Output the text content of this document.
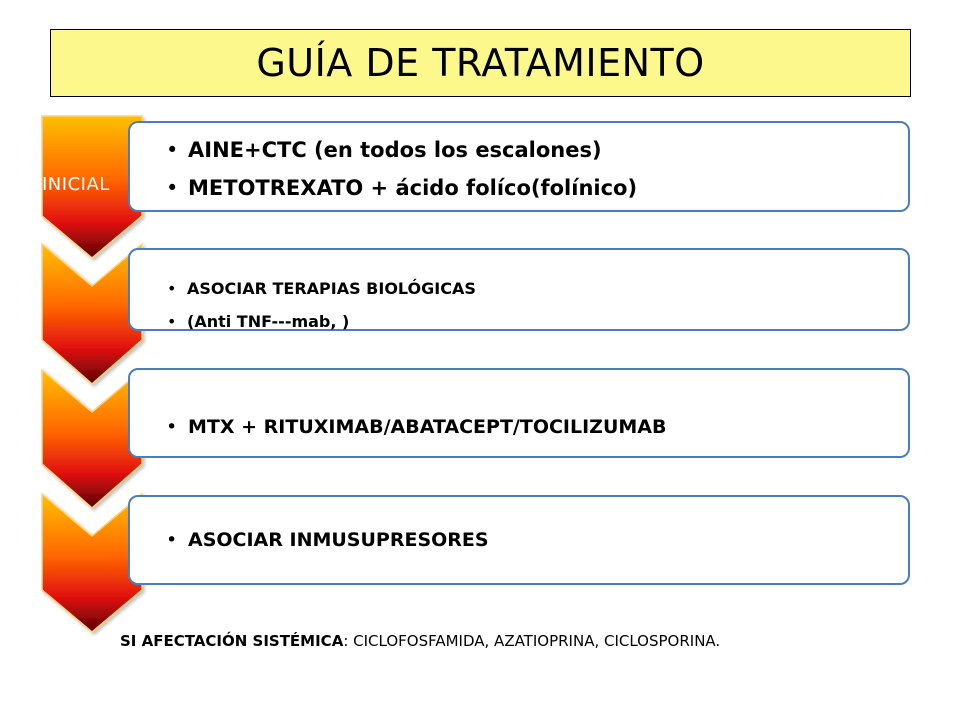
GUÍA DE TRATAMIENTO
• AINE+CTC (en todos los escalones)
• METOTREXATO + ácido folíco(folínico)
• ASOCIAR TERAPIAS BIOLÓGICAS
• (Anti TNF---mab, )
• MTX + RITUXIMAB/ABATACEPT/TOCILIZUMAB
• ASOCIAR INMUSUPRESORES
INICIAL
SI AFECTACIÓN SISTÉMICA: CICLOFOSFAMIDA, AZATIOPRINA, CICLOSPORINA.
